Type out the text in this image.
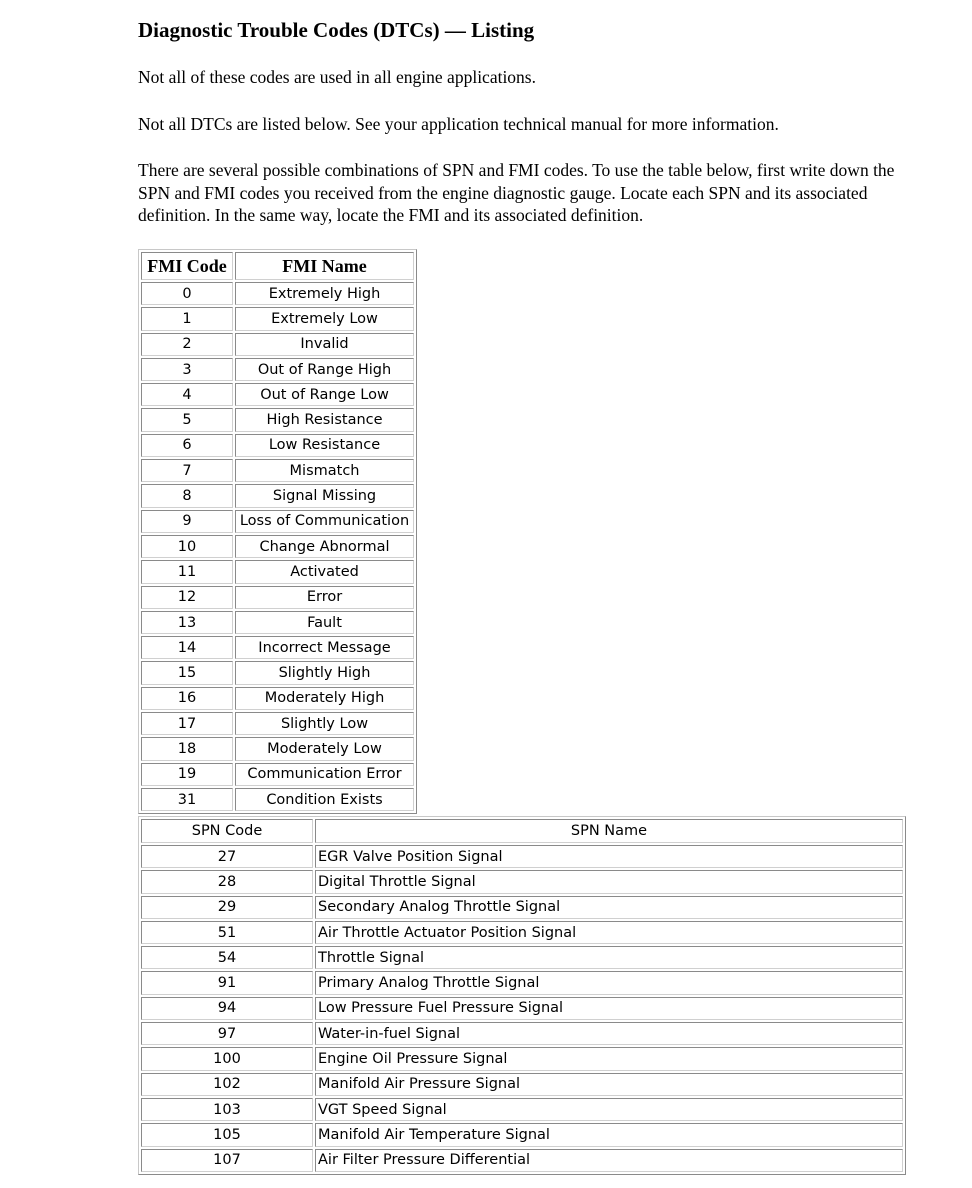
Diagnostic Trouble Codes (DTCs) — Listing

Not all of these codes are used in all engine applications.

Not all DTCs are listed below. See your application technical manual for more information.

There are several possible combinations of SPN and FMI codes. To use the table below, first write down the SPN and FMI codes you received from the engine diagnostic gauge. Locate each SPN and its associated definition. In the same way, locate the FMI and its associated definition.

FMI Code	FMI Name
0	Extremely High
1	Extremely Low
2	Invalid
3	Out of Range High
4	Out of Range Low
5	High Resistance
6	Low Resistance
7	Mismatch
8	Signal Missing
9	Loss of Communication
10	Change Abnormal
11	Activated
12	Error
13	Fault
14	Incorrect Message
15	Slightly High
16	Moderately High
17	Slightly Low
18	Moderately Low
19	Communication Error
31	Condition Exists
SPN Code	SPN Name
27	EGR Valve Position Signal
28	Digital Throttle Signal
29	Secondary Analog Throttle Signal
51	Air Throttle Actuator Position Signal
54	Throttle Signal
91	Primary Analog Throttle Signal
94	Low Pressure Fuel Pressure Signal
97	Water-in-fuel Signal
100	Engine Oil Pressure Signal
102	Manifold Air Pressure Signal
103	VGT Speed Signal
105	Manifold Air Temperature Signal
107	Air Filter Pressure Differential
